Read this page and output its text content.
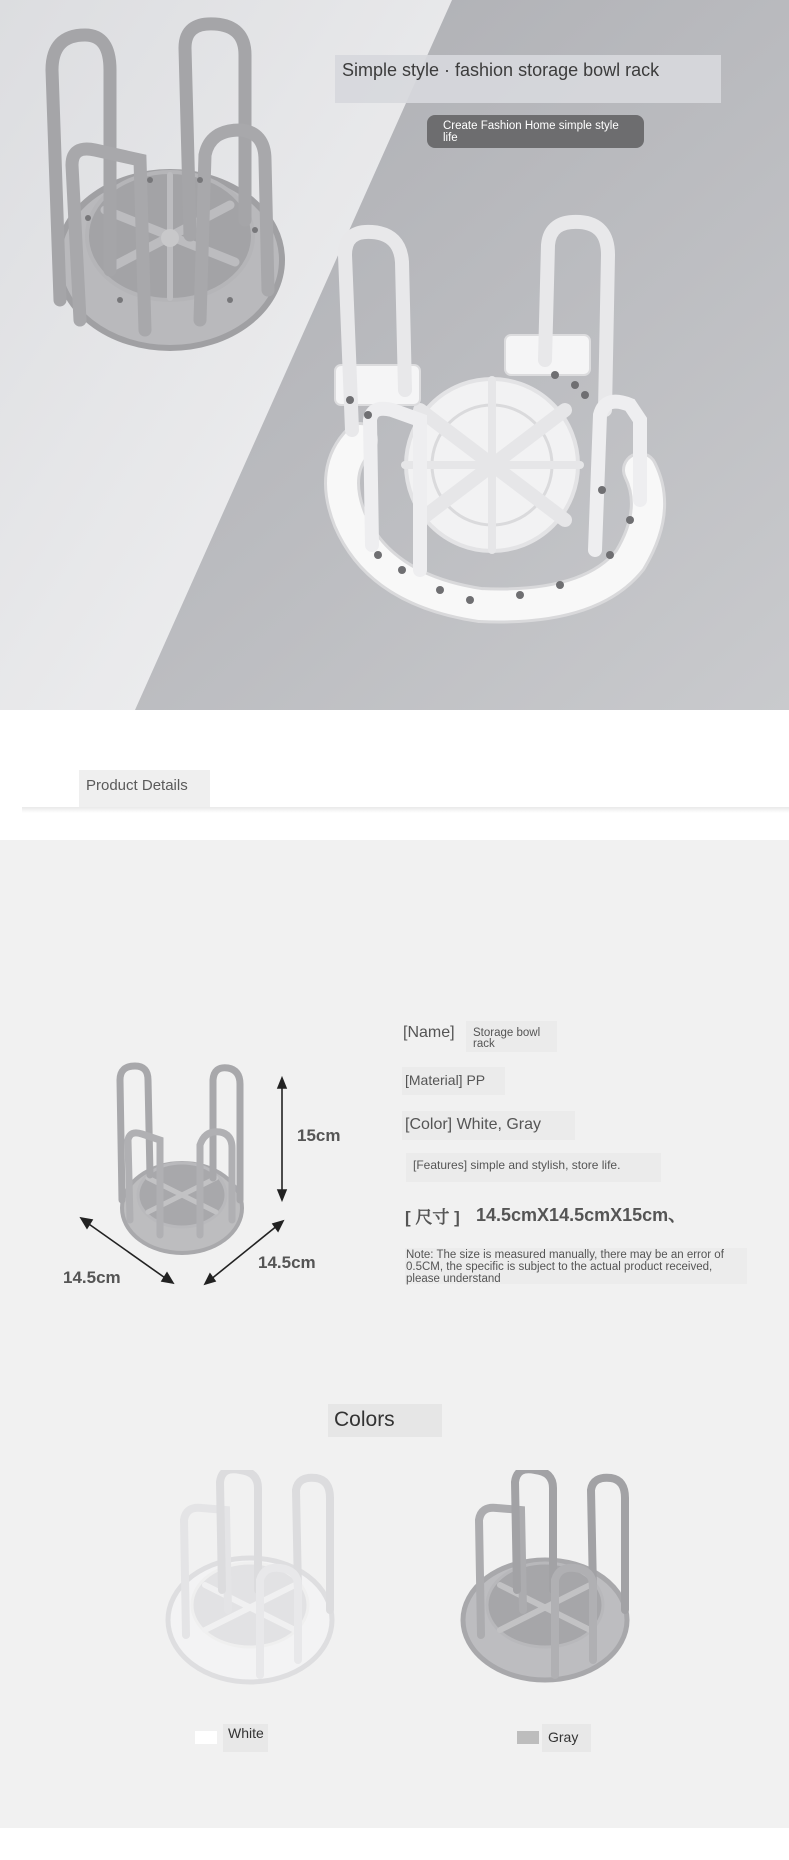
Simple style · fashion storage bowl rack
Create Fashion Home simple style life
Product Details
15cm
14.5cm
14.5cm
[Name]	Storage bowl rack
[Material] PP
[Color] White, Gray
[Features] simple and stylish, store life.
[ 尺寸 ] 14.5cmX14.5cmX15cm、
Note: The size is measured manually, there may be an error of 0.5CM, the specific is subject to the actual product received, please understand
Colors
White	Gray
